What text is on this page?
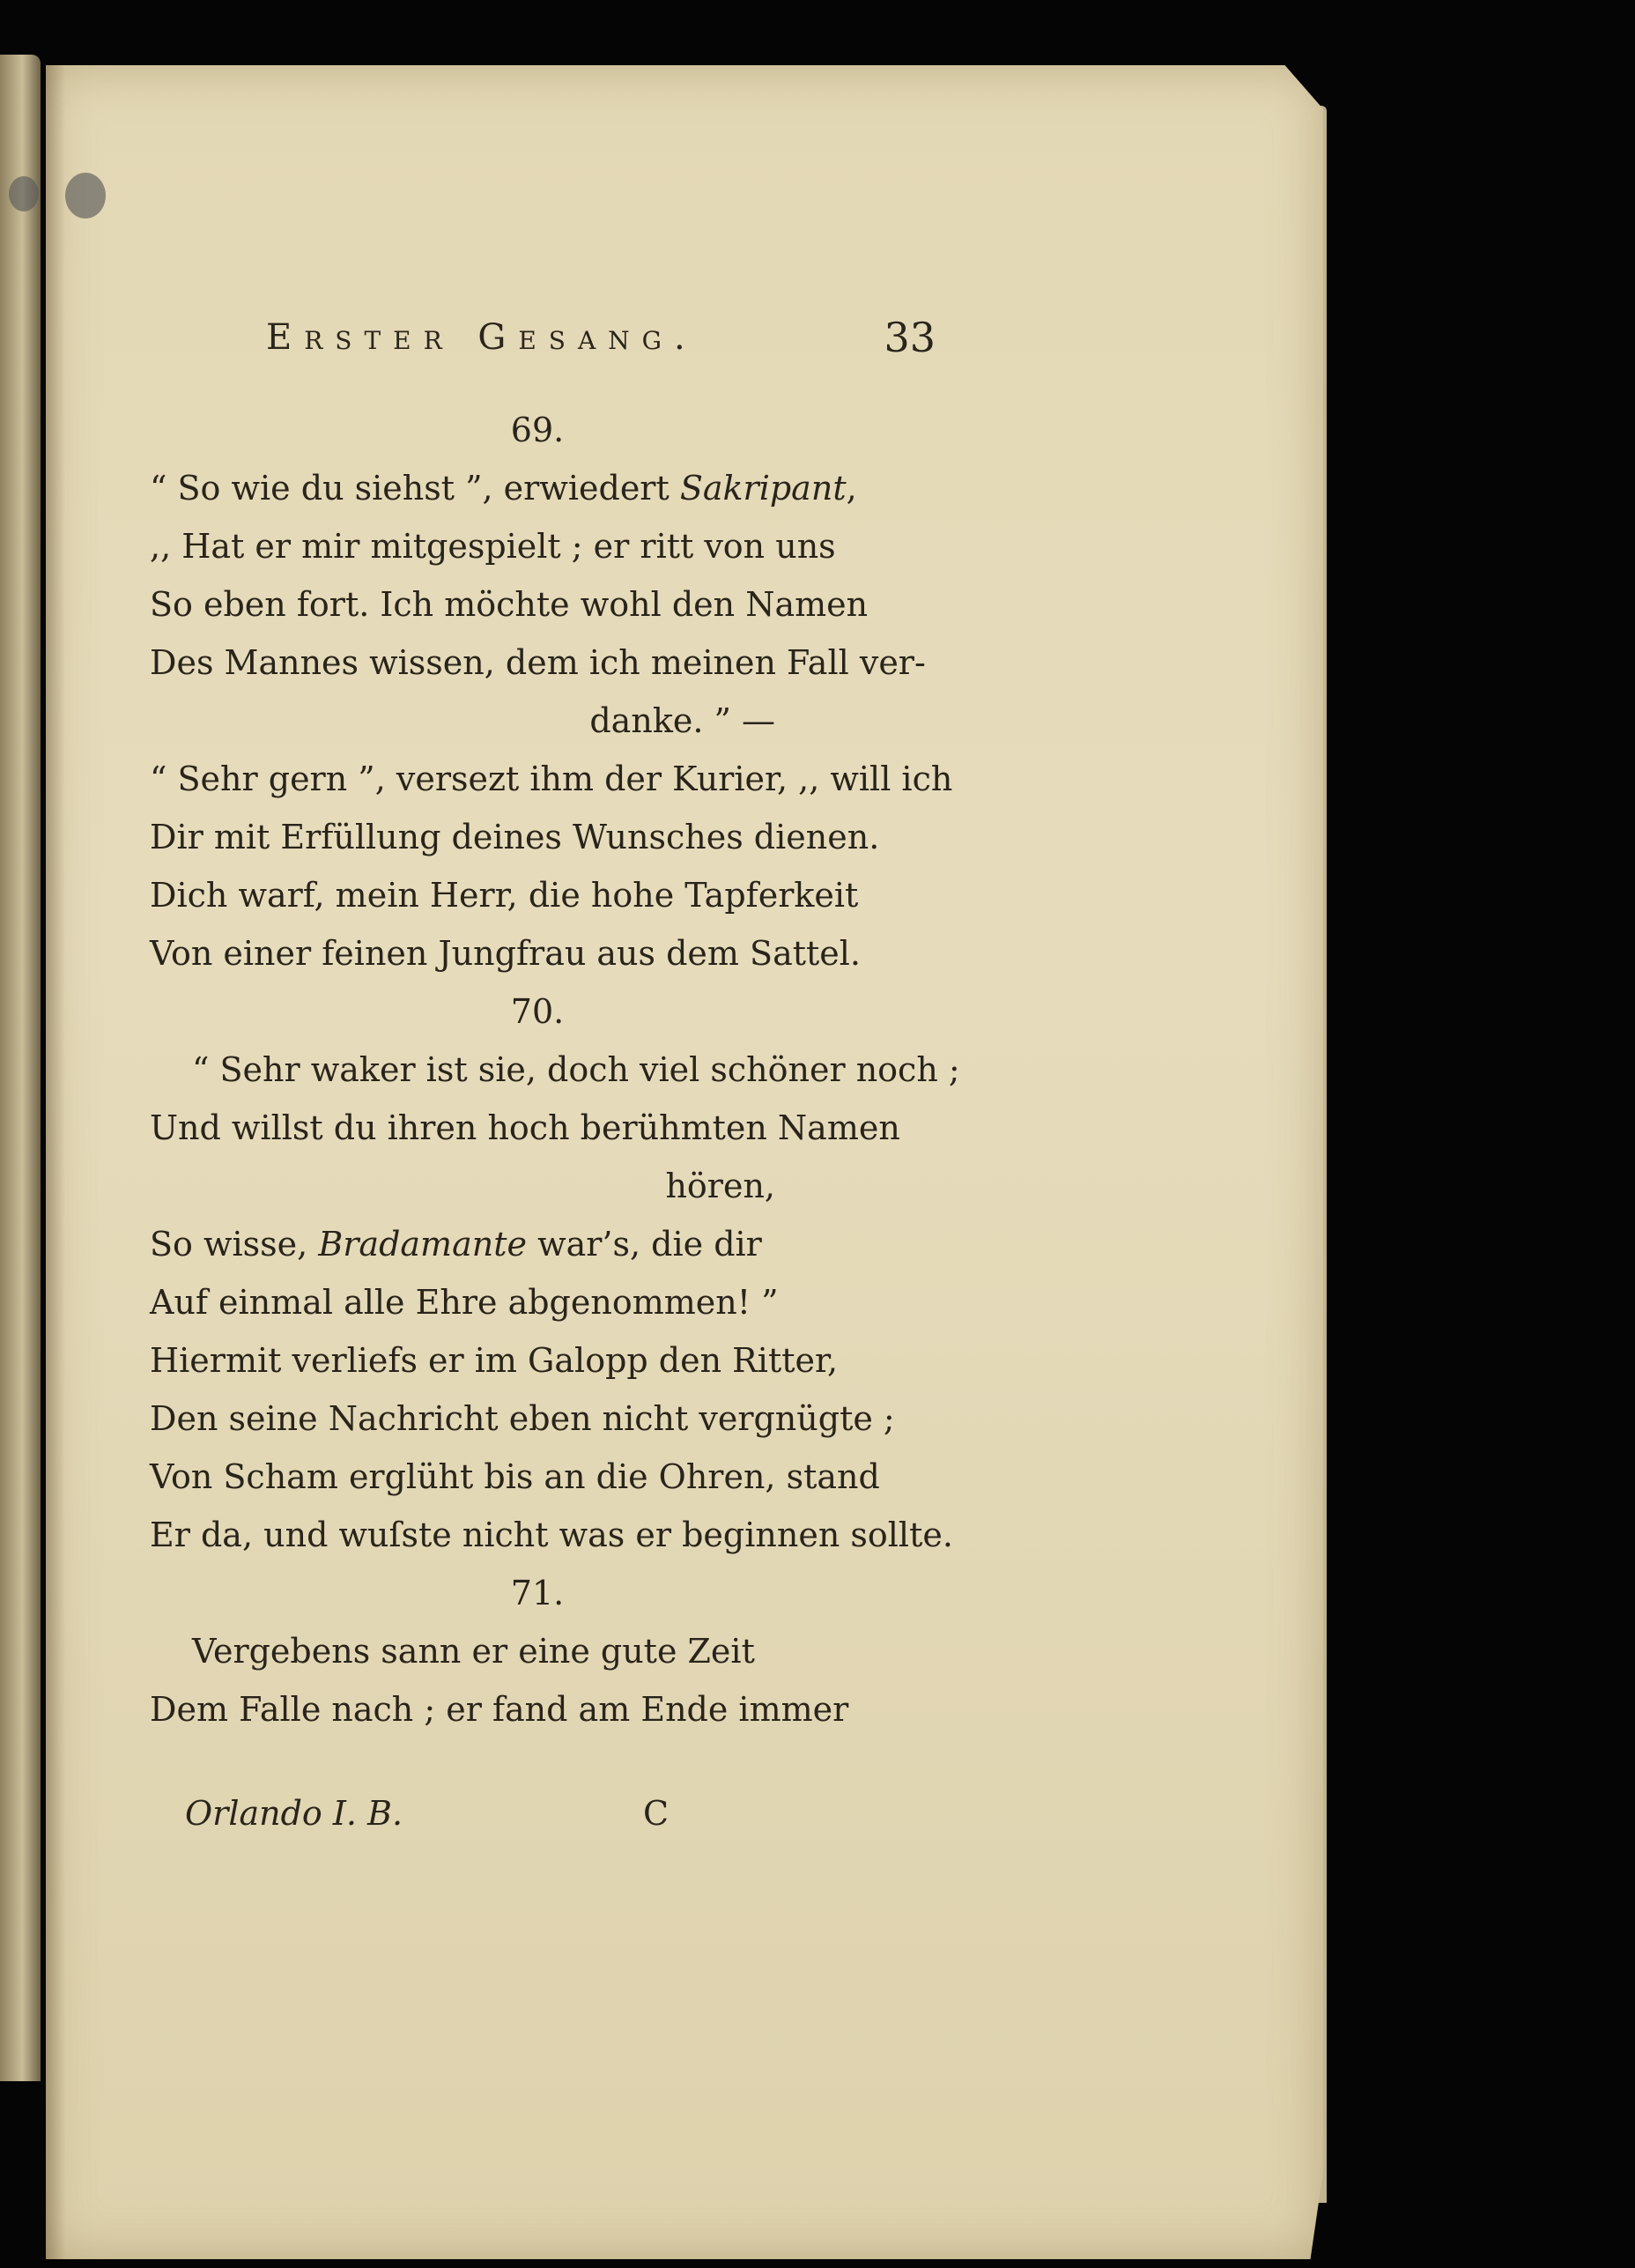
Erster Gesang.	33
69.
“ So wie du siehst ”, erwiedert Sakripant,
,, Hat er mir mitgespielt ; er ritt von uns
So eben fort. Ich möchte wohl den Namen
Des Mannes wissen, dem ich meinen Fall ver-
danke. ” —
“ Sehr gern ”, versezt ihm der Kurier, ,, will ich
Dir mit Erfüllung deines Wunsches dienen.
Dich warf, mein Herr, die hohe Tapferkeit
Von einer feinen Jungfrau aus dem Sattel.
70.
“ Sehr waker ist sie, doch viel schöner noch ;
Und willst du ihren hoch berühmten Namen
hören,
So wisse, Bradamante war’s, die dir
Auf einmal alle Ehre abgenommen! ”
Hiermit verliefs er im Galopp den Ritter,
Den seine Nachricht eben nicht vergnügte ;
Von Scham erglüht bis an die Ohren, stand
Er da, und wuſste nicht was er beginnen sollte.
71.
Vergebens sann er eine gute Zeit
Dem Falle nach ; er fand am Ende immer
Orlando I. B.	C
